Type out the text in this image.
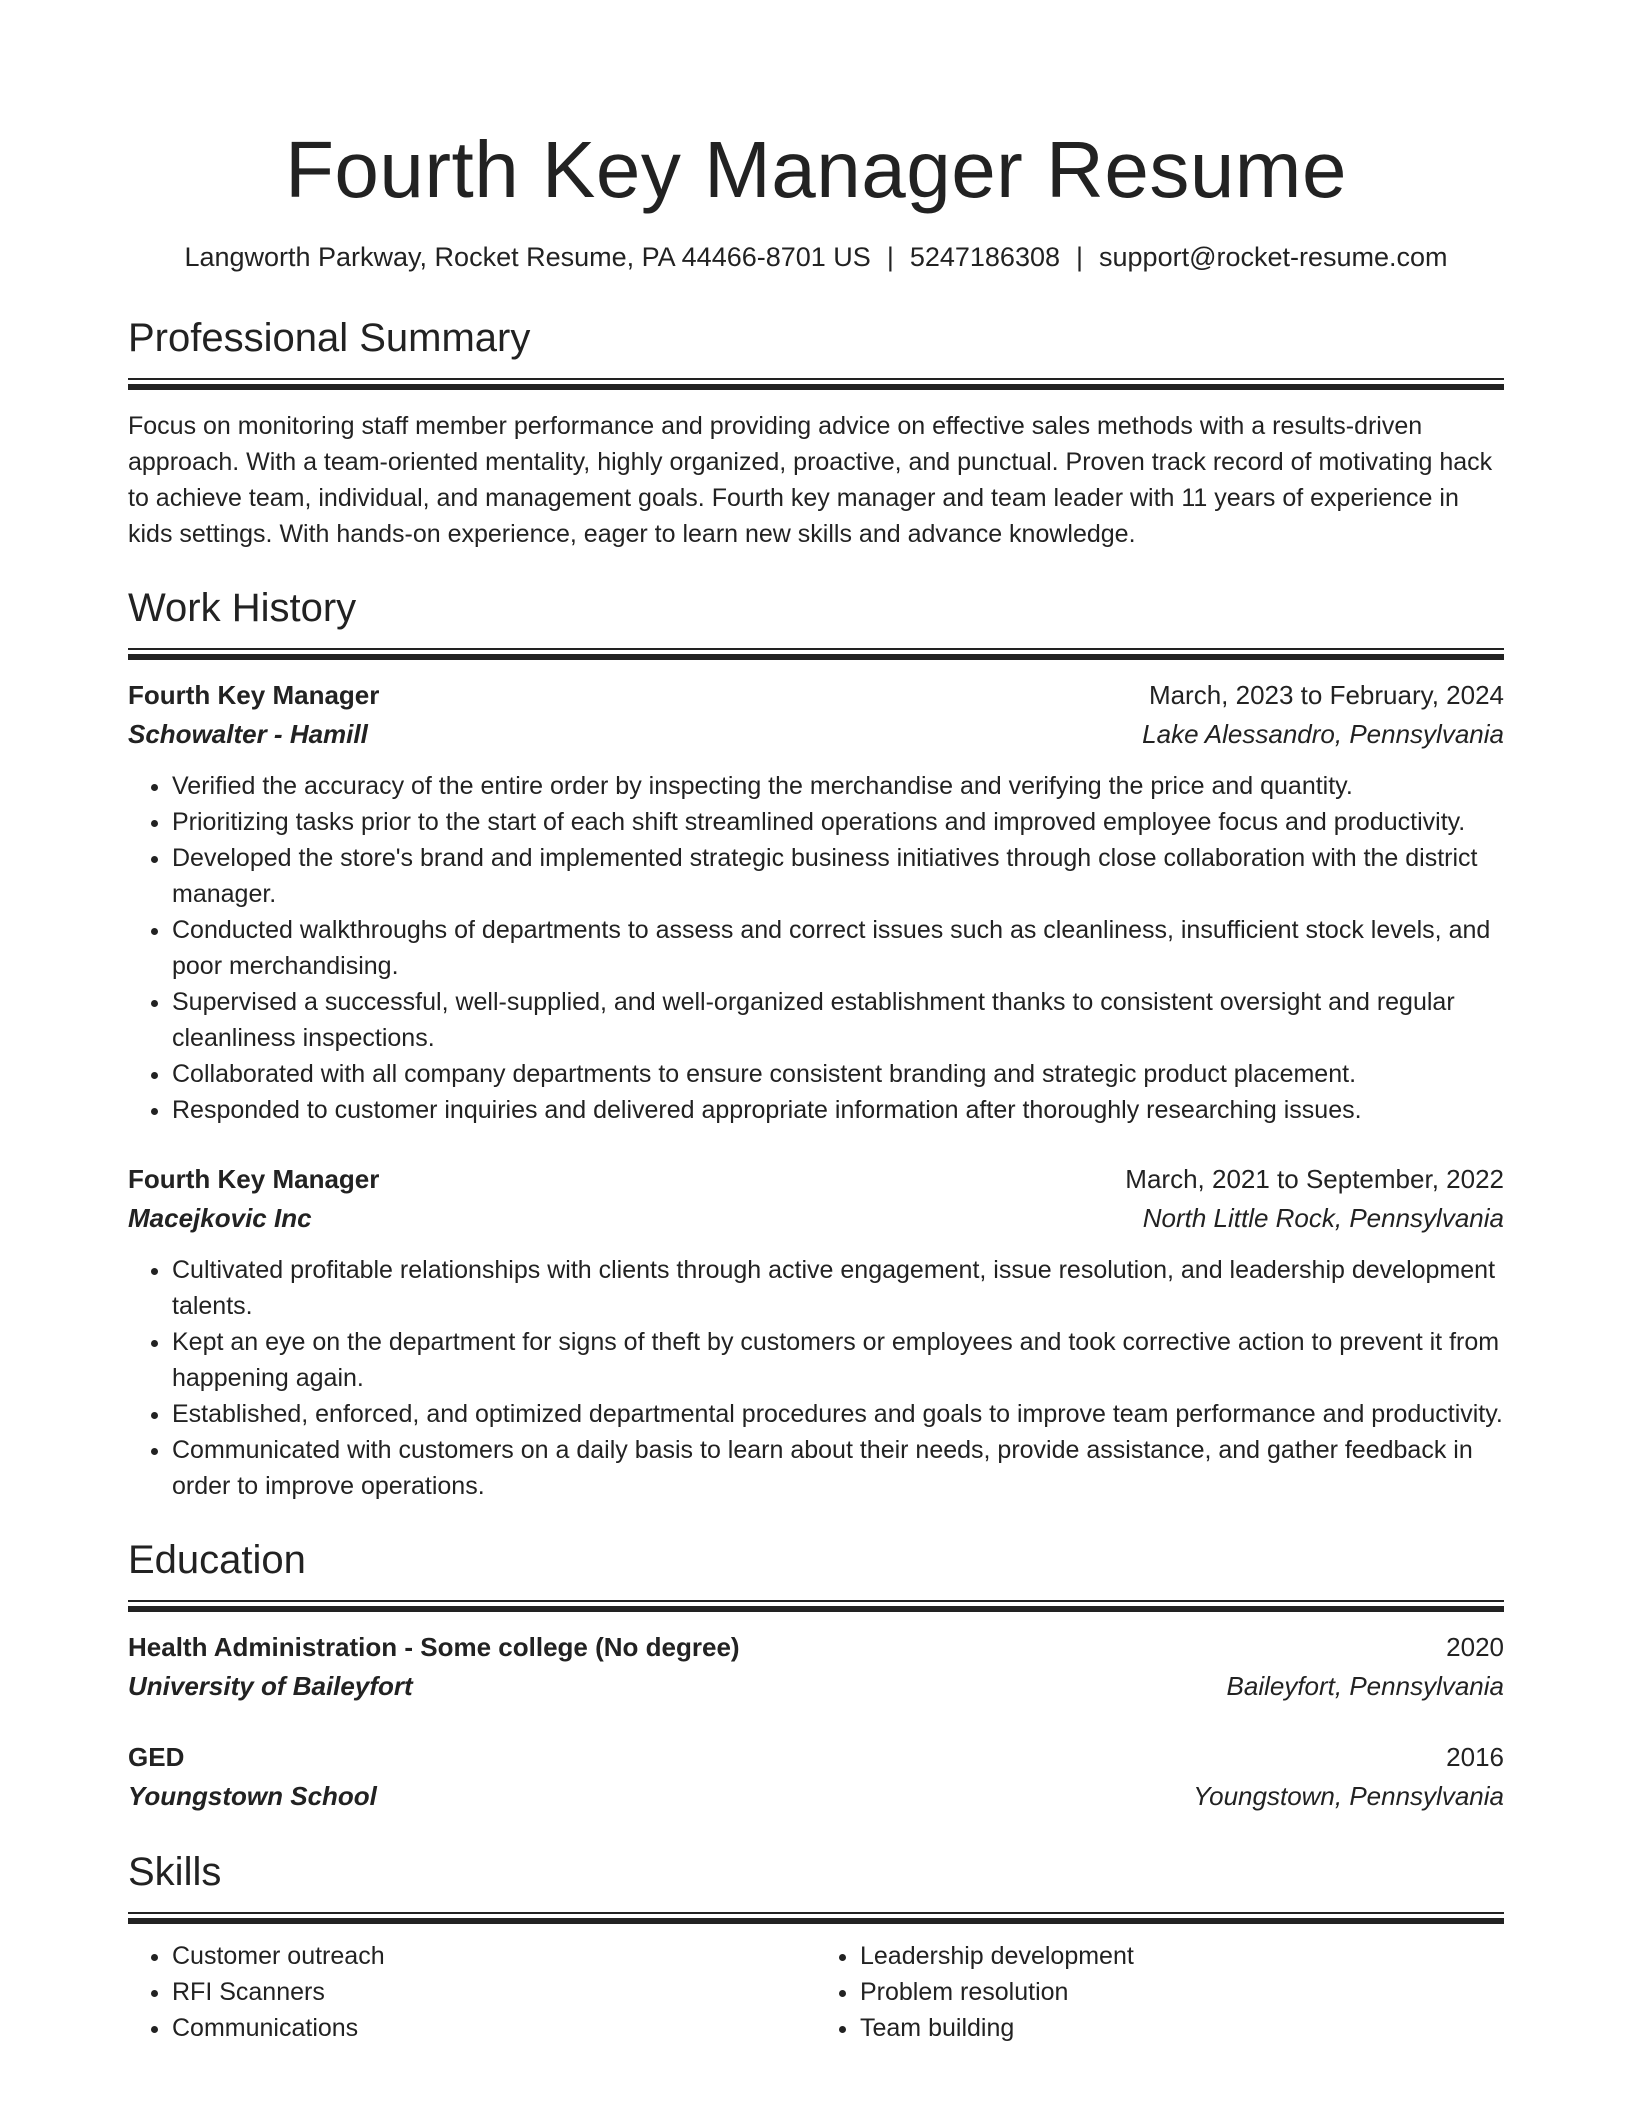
Fourth Key Manager Resume
Langworth Parkway, Rocket Resume, PA 44466-8701 US | 5247186308 | support@rocket-resume.com
Professional Summary
Focus on monitoring staff member performance and providing advice on effective sales methods with a results-driven approach. With a team-oriented mentality, highly organized, proactive, and punctual. Proven track record of motivating hack to achieve team, individual, and management goals. Fourth key manager and team leader with 11 years of experience in kids settings. With hands-on experience, eager to learn new skills and advance knowledge.
Work History
Fourth Key Manager	March, 2023 to February, 2024
Schowalter - Hamill	Lake Alessandro, Pennsylvania
• Verified the accuracy of the entire order by inspecting the merchandise and verifying the price and quantity.
• Prioritizing tasks prior to the start of each shift streamlined operations and improved employee focus and productivity.
• Developed the store's brand and implemented strategic business initiatives through close collaboration with the district manager.
• Conducted walkthroughs of departments to assess and correct issues such as cleanliness, insufficient stock levels, and poor merchandising.
• Supervised a successful, well-supplied, and well-organized establishment thanks to consistent oversight and regular cleanliness inspections.
• Collaborated with all company departments to ensure consistent branding and strategic product placement.
• Responded to customer inquiries and delivered appropriate information after thoroughly researching issues.
Fourth Key Manager	March, 2021 to September, 2022
Macejkovic Inc	North Little Rock, Pennsylvania
• Cultivated profitable relationships with clients through active engagement, issue resolution, and leadership development talents.
• Kept an eye on the department for signs of theft by customers or employees and took corrective action to prevent it from happening again.
• Established, enforced, and optimized departmental procedures and goals to improve team performance and productivity.
• Communicated with customers on a daily basis to learn about their needs, provide assistance, and gather feedback in order to improve operations.
Education
Health Administration - Some college (No degree)	2020
University of Baileyfort	Baileyfort, Pennsylvania
GED	2016
Youngstown School	Youngstown, Pennsylvania
Skills
• Customer outreach
• RFI Scanners
• Communications
• Leadership development
• Problem resolution
• Team building
